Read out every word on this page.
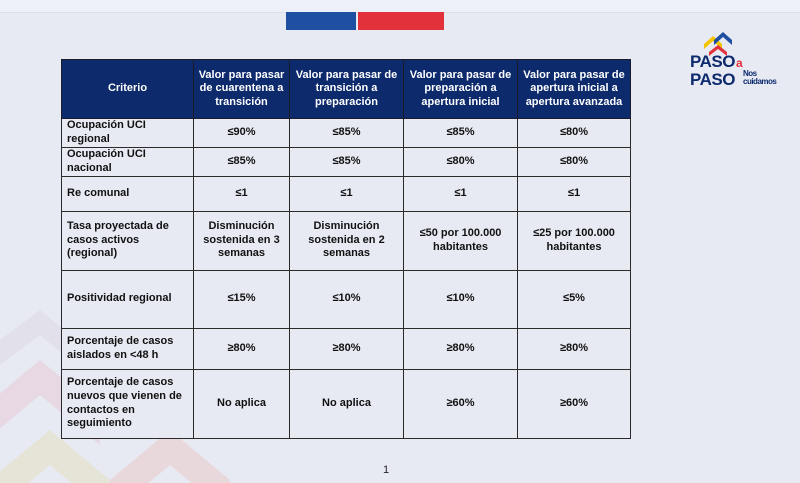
Criterio	Valor para pasar de cuarentena a transición	Valor para pasar de transición a preparación	Valor para pasar de preparación a apertura inicial	Valor para pasar de apertura inicial a apertura avanzada
Ocupación UCI regional	≤90%	≤85%	≤85%	≤80%
Ocupación UCI nacional	≤85%	≤85%	≤80%	≤80%
Re comunal	≤1	≤1	≤1	≤1
Tasa proyectada de casos activos (regional)	Disminución sostenida en 3 semanas	Disminución sostenida en 2 semanas	≤50 por 100.000 habitantes	≤25 por 100.000 habitantes
Positividad regional	≤15%	≤10%	≤10%	≤5%
Porcentaje de casos aislados en <48 h	≥80%	≥80%	≥80%	≥80%
Porcentaje de casos nuevos que vienen de contactos en seguimiento	No aplica	No aplica	≥60%	≥60%
PASO a
PASO Nos
cuidamos
1
